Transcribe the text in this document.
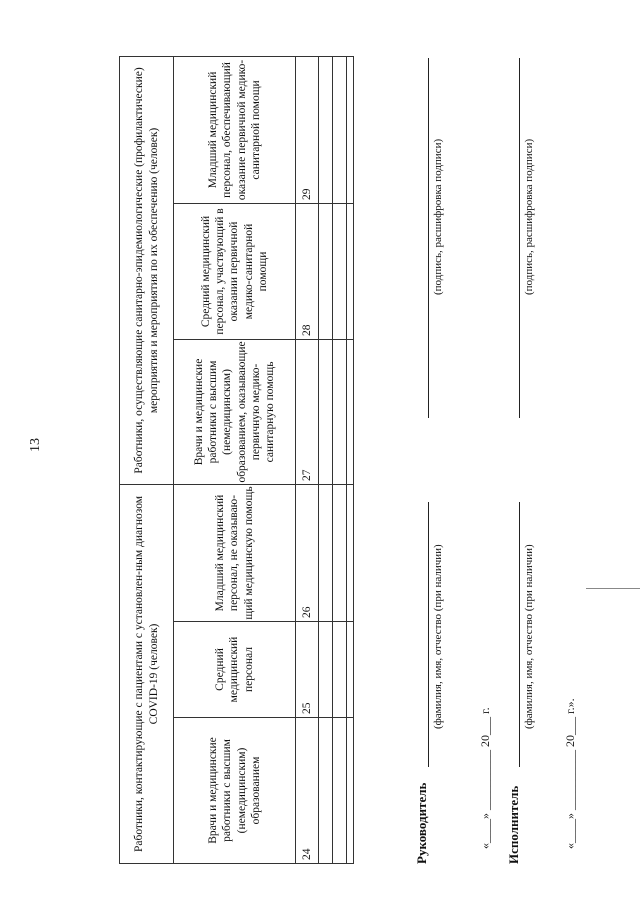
13
Работники, контактирующие с пациентами с установлен-ным диагнозом COVID-19 (человек)			Работники, осуществляющие санитарно-эпидемиологические (профилактические) мероприятия и мероприятия по их обеспечению (человек)		
Врачи и медицинские работники с высшим (немедицинским) образованием	Средний медицинский персонал	Младший медицинский персонал, не оказываю-щий медицинскую помощь	Врачи и медицинские работники с высшим (немедицинским) образованием, оказывающие первичную медико-санитарную помощь	Средний медицинский персонал, участвующий в оказании первичной медико-санитарной помощи	Младший медицинский персонал, обеспечивающий оказание первичной медико-санитарной помощи
24	25	26	27	28	29

Руководитель
(фамилия, имя, отчество (при наличии)
(подпись, расшифровка подписи)
«____» __________ 20___ г. Исполнитель
(фамилия, имя, отчество (при наличии)
(подпись, расшифровка подписи)
«____» __________ 20___ г.».
